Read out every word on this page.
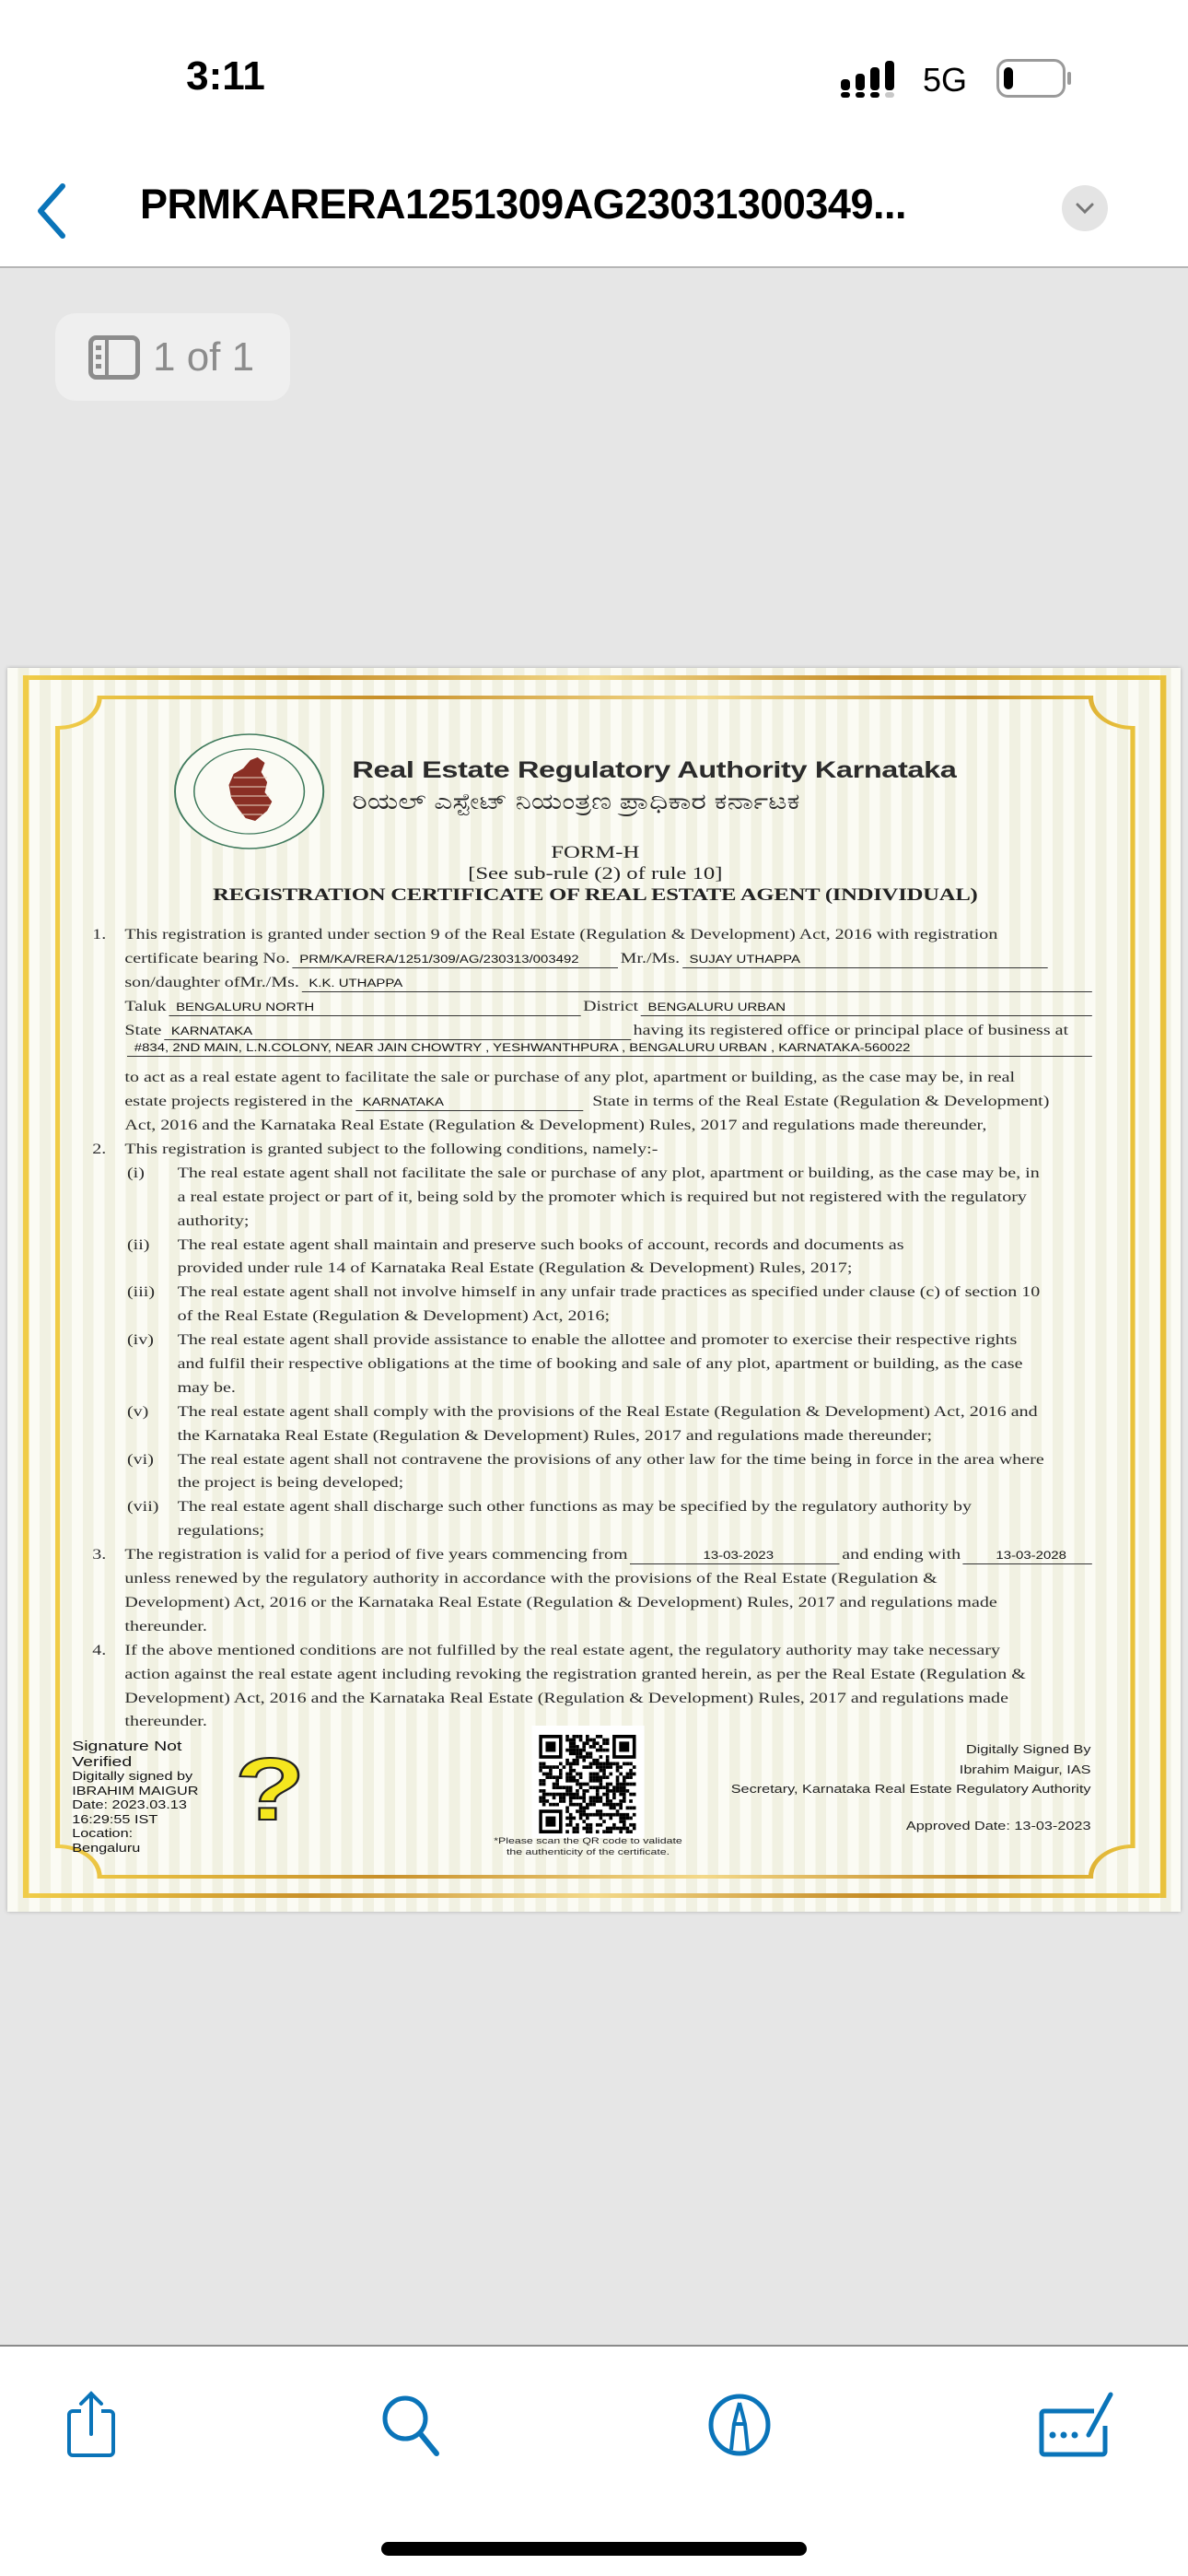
3:11	5G
PRMKARERA1251309AG23031300349...
1 of 1
Real Estate Regulatory Authority Karnataka
ರಿಯಲ್ ಎಸ್ಟೇಟ್ ನಿಯಂತ್ರಣ ಪ್ರಾಧಿಕಾರ ಕರ್ನಾಟಕ
FORM-H
[See sub-rule (2) of rule 10]
REGISTRATION CERTIFICATE OF REAL ESTATE AGENT (INDIVIDUAL)
1. This registration is granted under section 9 of the Real Estate (Regulation & Development) Act, 2016 with registration
certificate bearing No. PRM/KA/RERA/1251/309/AG/230313/003492	Mr./Ms. SUJAY UTHAPPA
son/daughter ofMr./Ms. K.K. UTHAPPA
Taluk BENGALURU NORTH	District BENGALURU URBAN
State KARNATAKA	having its registered office or principal place of business at
#834, 2ND MAIN, L.N.COLONY, NEAR JAIN CHOWTRY , YESHWANTHPURA , BENGALURU URBAN , KARNATAKA-560022
to act as a real estate agent to facilitate the sale or purchase of any plot, apartment or building, as the case may be, in real
estate projects registered in the KARNATAKA	State in terms of the Real Estate (Regulation & Development)
Act, 2016 and the Karnataka Real Estate (Regulation & Development) Rules, 2017 and regulations made thereunder,
2. This registration is granted subject to the following conditions, namely:-
(i) The real estate agent shall not facilitate the sale or purchase of any plot, apartment or building, as the case may be, in
a real estate project or part of it, being sold by the promoter which is required but not registered with the regulatory
authority;
(ii) The real estate agent shall maintain and preserve such books of account, records and documents as
provided under rule 14 of Karnataka Real Estate (Regulation & Development) Rules, 2017;
(iii) The real estate agent shall not involve himself in any unfair trade practices as specified under clause (c) of section 10
of the Real Estate (Regulation & Development) Act, 2016;
(iv) The real estate agent shall provide assistance to enable the allottee and promoter to exercise their respective rights
and fulfil their respective obligations at the time of booking and sale of any plot, apartment or building, as the case
may be.
(v) The real estate agent shall comply with the provisions of the Real Estate (Regulation & Development) Act, 2016 and
the Karnataka Real Estate (Regulation & Development) Rules, 2017 and regulations made thereunder;
(vi) The real estate agent shall not contravene the provisions of any other law for the time being in force in the area where
the project is being developed;
(vii) The real estate agent shall discharge such other functions as may be specified by the regulatory authority by
regulations;
3. The registration is valid for a period of five years commencing from	13-03-2023	and ending with	13-03-2028
unless renewed by the regulatory authority in accordance with the provisions of the Real Estate (Regulation &
Development) Act, 2016 or the Karnataka Real Estate (Regulation & Development) Rules, 2017 and regulations made
thereunder.
4. If the above mentioned conditions are not fulfilled by the real estate agent, the regulatory authority may take necessary
action against the real estate agent including revoking the registration granted herein, as per the Real Estate (Regulation &
Development) Act, 2016 and the Karnataka Real Estate (Regulation & Development) Rules, 2017 and regulations made
thereunder.
Signature Not
Verified
Digitally signed by
IBRAHIM MAIGUR
Date: 2023.03.13
16:29:55 IST
Location:
Bengaluru
?
*Please scan the QR code to validate
the authenticity of the certificate.
Digitally Signed By
Ibrahim Maigur, IAS
Secretary, Karnataka Real Estate Regulatory Authority
Approved Date: 13-03-2023
